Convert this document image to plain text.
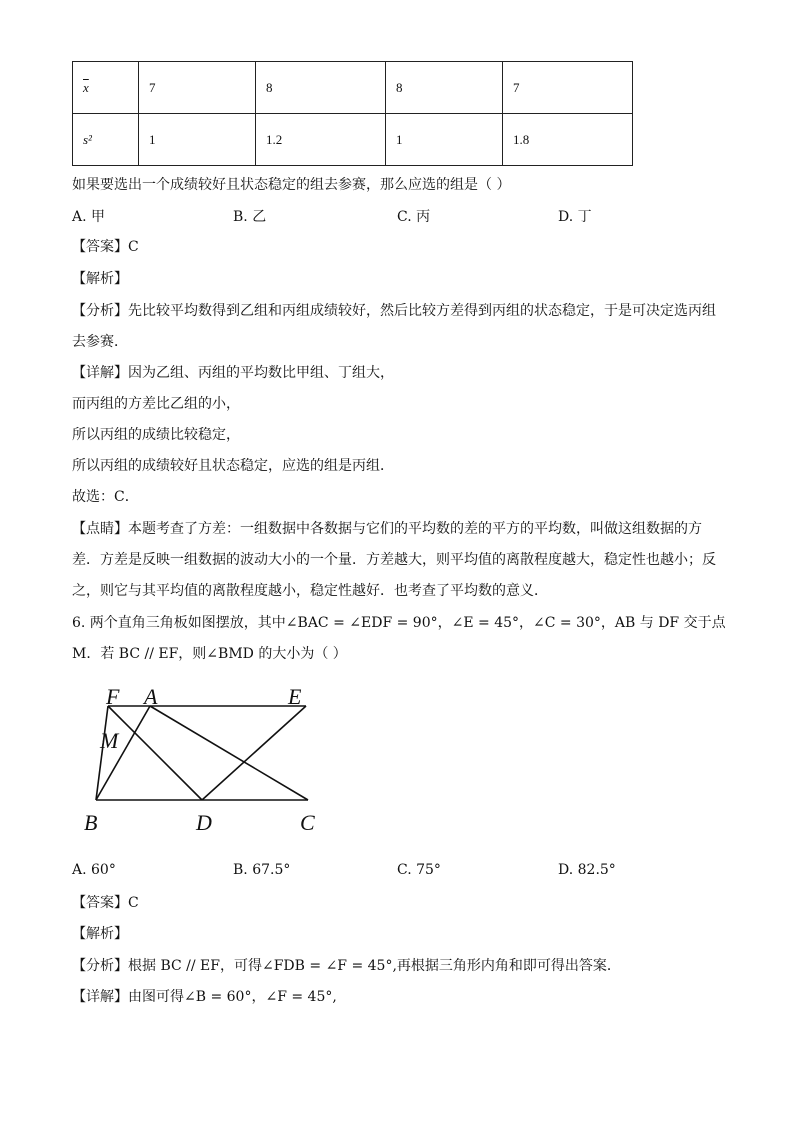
$\overline{x}$	7	8	8	7
s²	1	1.2	1	1.8
如果要选出一个成绩较好且状态稳定的组去参赛，那么应选的组是（ ）
A. 甲	B. 乙	C. 丙	D. 丁
【答案】C
【解析】
【分析】先比较平均数得到乙组和丙组成绩较好，然后比较方差得到丙组的状态稳定，于是可决定选丙组
去参赛．
【详解】因为乙组、丙组的平均数比甲组、丁组大，
而丙组的方差比乙组的小，
所以丙组的成绩比较稳定，
所以丙组的成绩较好且状态稳定，应选的组是丙组．
故选：C．
【点睛】本题考查了方差：一组数据中各数据与它们的平均数的差的平方的平均数，叫做这组数据的方
差．方差是反映一组数据的波动大小的一个量．方差越大，则平均值的离散程度越大，稳定性也越小；反
之，则它与其平均值的离散程度越小，稳定性越好．也考查了平均数的意义．
6. 两个直角三角板如图摆放，其中∠BAC = ∠EDF = 90°，∠E = 45°，∠C = 30°，AB 与 DF 交于点
M．若 BC // EF，则∠BMD 的大小为（ ）
F A	E
M
B	D	C
A. 60°	B. 67.5°	C. 75°	D. 82.5°
【答案】C
【解析】
【分析】根据 BC // EF，可得∠FDB = ∠F = 45°,再根据三角形内角和即可得出答案．
【详解】由图可得∠B = 60°，∠F = 45°,
